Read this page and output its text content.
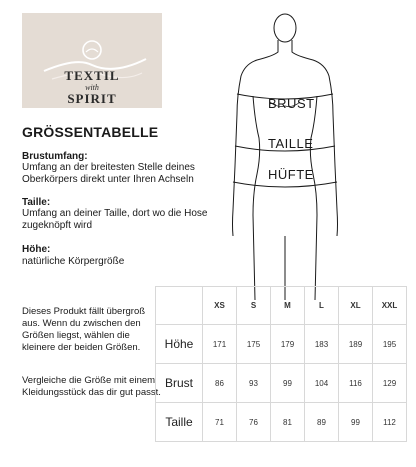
TEXTIL
with
SPIRIT
GRÖSSENTABELLE
Brustumfang:
Umfang an der breitesten Stelle deines Oberkörpers direkt unter Ihren Achseln
Taille:
Umfang an deiner Taille, dort wo die Hose zugeknöpft wird
Höhe:
natürliche Körpergröße
BRUST
TAILLE
HÜFTE
Dieses Produkt fällt übergroß aus. Wenn du zwischen den Größen liegst, wählen die kleinere der beiden Größen.
Vergleiche die Größe mit einem Kleidungsstück das dir gut passt.
	XS	S	M	L	XL	XXL
Höhe	171	175	179	183	189	195
Brust	86	93	99	104	116	129
Taille	71	76	81	89	99	112
